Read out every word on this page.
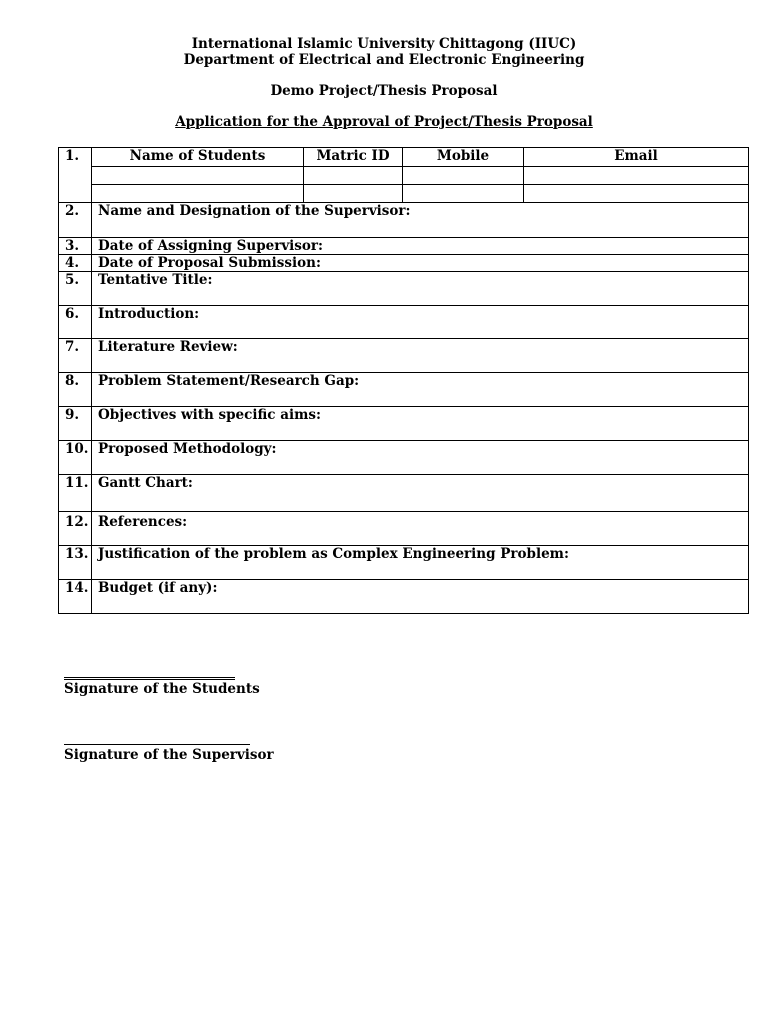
International Islamic University Chittagong (IIUC)
Department of Electrical and Electronic Engineering
Demo Project/Thesis Proposal
Application for the Approval of Project/Thesis Proposal
1.	Name of Students	Matric ID	Mobile	Email

2.	Name and Designation of the Supervisor:			
3.	Date of Assigning Supervisor:			
4.	Date of Proposal Submission:			
5.	Tentative Title:			
6.	Introduction:			
7.	Literature Review:			
8.	Problem Statement/Research Gap:			
9.	Objectives with specific aims:			
10.	Proposed Methodology:			
11.	Gantt Chart:			
12.	References:			
13.	Justification of the problem as Complex Engineering Problem:			
14.	Budget (if any):			
Signature of the Students
Signature of the Supervisor
